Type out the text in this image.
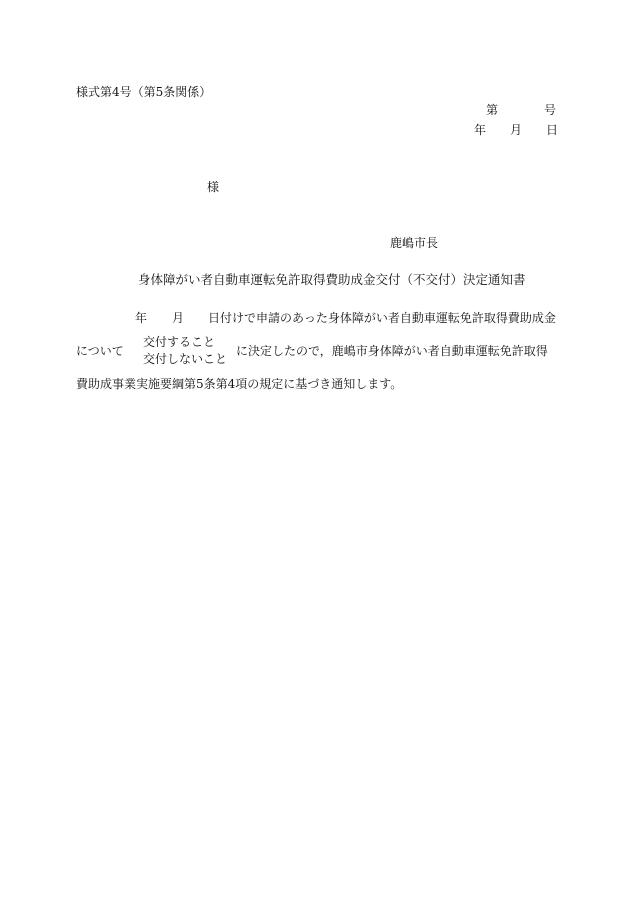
様式第4号（第5条関係）
第	号
年 月 日
様
鹿嶋市長
身体障がい者自動車運転免許取得費助成金交付（不交付）決定通知書
年 月 日付けで申請のあった身体障がい者自動車運転免許取得費助成金
について
交付すること
交付しないこと
に決定したので，鹿嶋市身体障がい者自動車運転免許取得
費助成事業実施要綱第5条第4項の規定に基づき通知します。
